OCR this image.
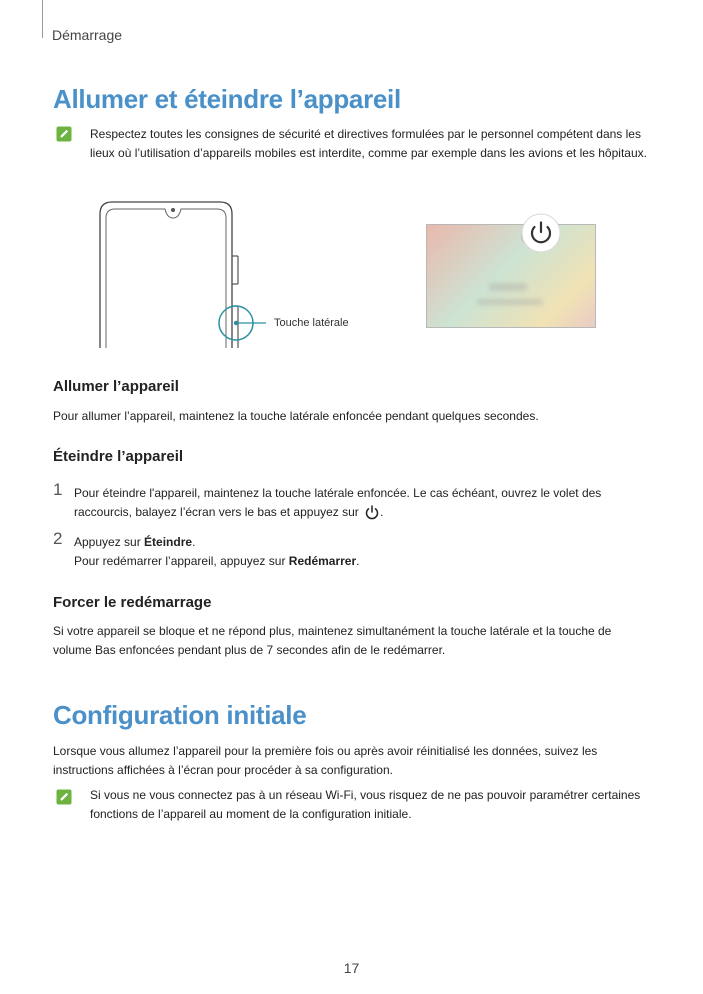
Démarrage
Allumer et éteindre l’appareil
Respectez toutes les consignes de sécurité et directives formulées par le personnel compétent dans les lieux où l’utilisation d’appareils mobiles est interdite, comme par exemple dans les avions et les hôpitaux.
Touche latérale
Allumer l’appareil
Pour allumer l’appareil, maintenez la touche latérale enfoncée pendant quelques secondes.
Éteindre l’appareil
1 Pour éteindre l'appareil, maintenez la touche latérale enfoncée. Le cas échéant, ouvrez le volet des raccourcis, balayez l’écran vers le bas et appuyez sur .
2 Appuyez sur Éteindre.
Pour redémarrer l’appareil, appuyez sur Redémarrer.
Forcer le redémarrage
Si votre appareil se bloque et ne répond plus, maintenez simultanément la touche latérale et la touche de volume Bas enfoncées pendant plus de 7 secondes afin de le redémarrer.
Configuration initiale
Lorsque vous allumez l’appareil pour la première fois ou après avoir réinitialisé les données, suivez les instructions affichées à l’écran pour procéder à sa configuration.
Si vous ne vous connectez pas à un réseau Wi-Fi, vous risquez de ne pas pouvoir paramétrer certaines fonctions de l’appareil au moment de la configuration initiale.
17
